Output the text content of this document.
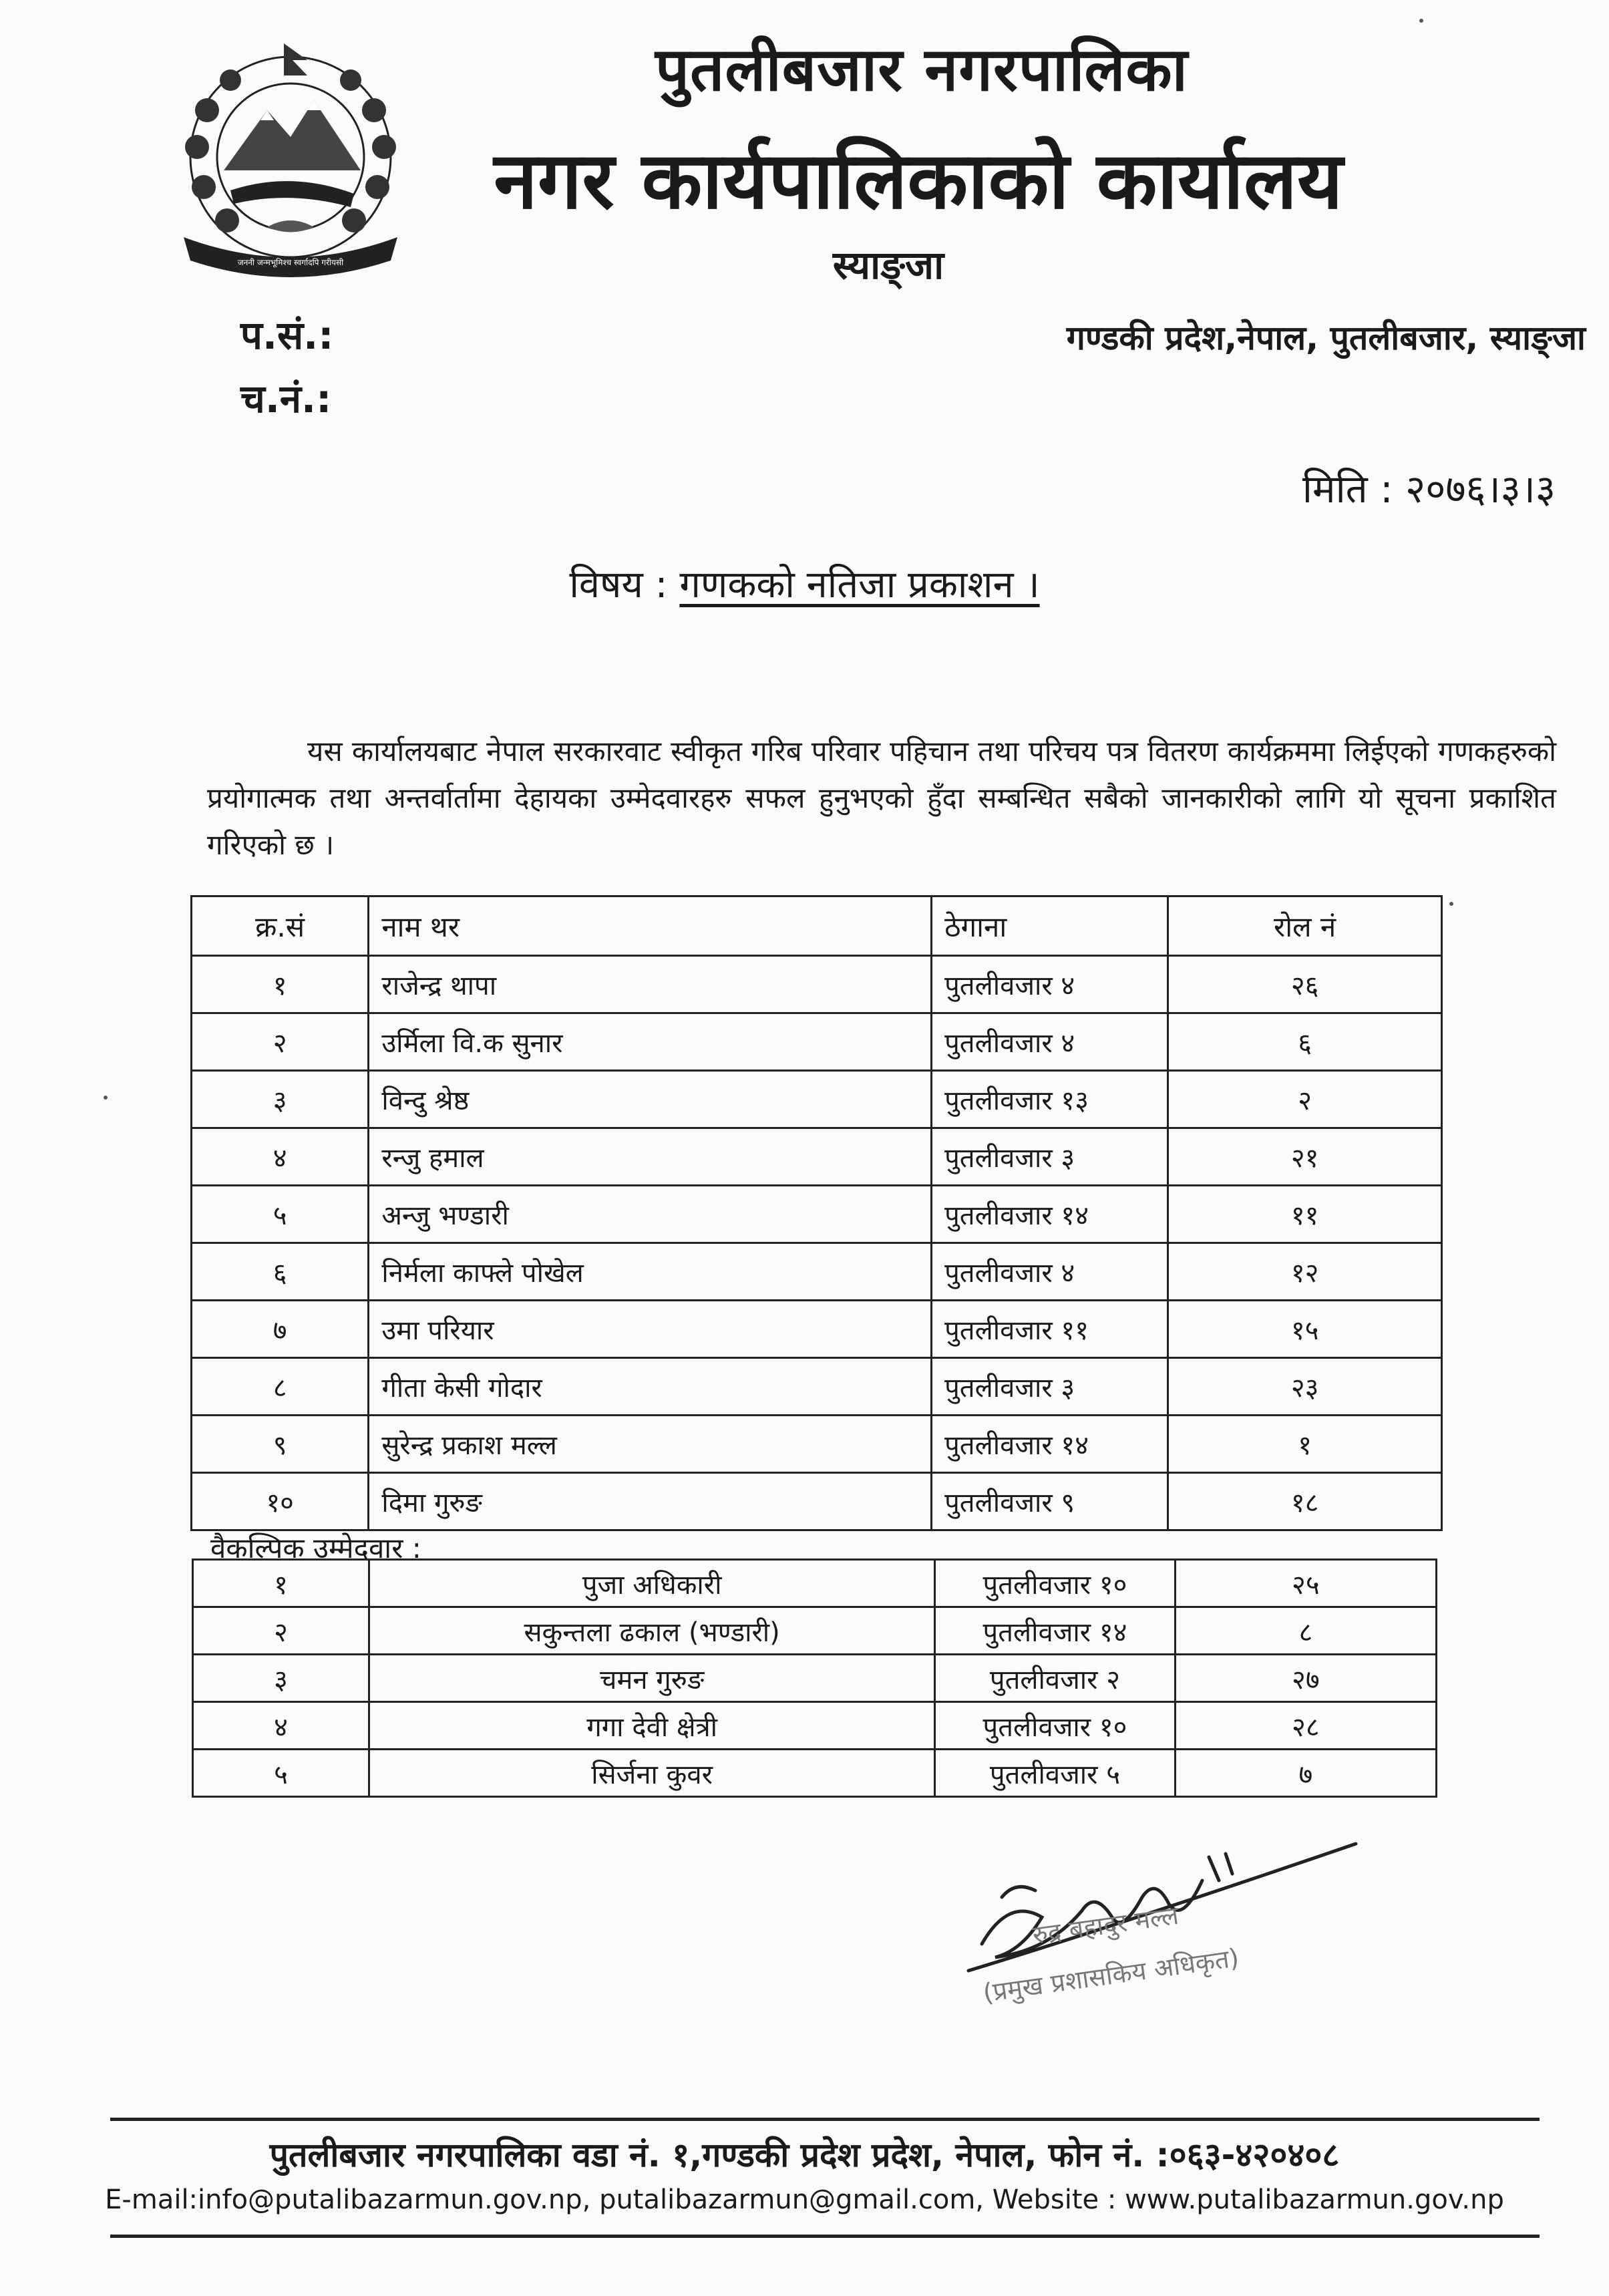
जननी जन्मभूमिश्च स्वर्गादपि गरीयसी
पुतलीबजार नगरपालिका
नगर कार्यपालिकाको कार्यालय
स्याङ्जा
प.सं.:
च.नं.:
गण्डकी प्रदेश,नेपाल, पुतलीबजार, स्याङ्जा
मिति : २०७६।३।३
विषय : गणकको नतिजा प्रकाशन ।
यस कार्यालयबाट नेपाल सरकारवाट स्वीकृत गरिब परिवार पहिचान तथा परिचय पत्र वितरण कार्यक्रममा लिईएको गणकहरुको प्रयोगात्मक तथा अन्तर्वार्तामा देहायका उम्मेदवारहरु सफल हुनुभएको हुँदा सम्बन्धित सबैको जानकारीको लागि यो सूचना प्रकाशित गरिएको छ ।
क्र.सं	नाम थर	ठेगाना	रोल नं
१	राजेन्द्र थापा	पुतलीवजार ४	२६
२	उर्मिला वि.क सुनार	पुतलीवजार ४	६
३	विन्दु श्रेष्ठ	पुतलीवजार १३	२
४	रन्जु हमाल	पुतलीवजार ३	२१
५	अन्जु भण्डारी	पुतलीवजार १४	११
६	निर्मला काफ्ले पोखेल	पुतलीवजार ४	१२
७	उमा परियार	पुतलीवजार ११	१५
८	गीता केसी गोदार	पुतलीवजार ३	२३
९	सुरेन्द्र प्रकाश मल्ल	पुतलीवजार १४	१
१०	दिमा गुरुङ	पुतलीवजार ९	१८
वैकल्पिक उम्मेदवार :
१	पुजा अधिकारी	पुतलीवजार १०	२५
२	सकुन्तला ढकाल (भण्डारी)	पुतलीवजार १४	८
३	चमन गुरुङ	पुतलीवजार २	२७
४	गगा देवी क्षेत्री	पुतलीवजार १०	२८
५	सिर्जना कुवर	पुतलीवजार ५	७
रुद्र बहादुर मल्ल
(प्रमुख प्रशासकिय अधिकृत)
पुतलीबजार नगरपालिका वडा नं. १,गण्डकी प्रदेश प्रदेश, नेपाल, फोन नं. :०६३-४२०४०८
E-mail:info@putalibazarmun.gov.np, putalibazarmun@gmail.com, Website : www.putalibazarmun.gov.np
